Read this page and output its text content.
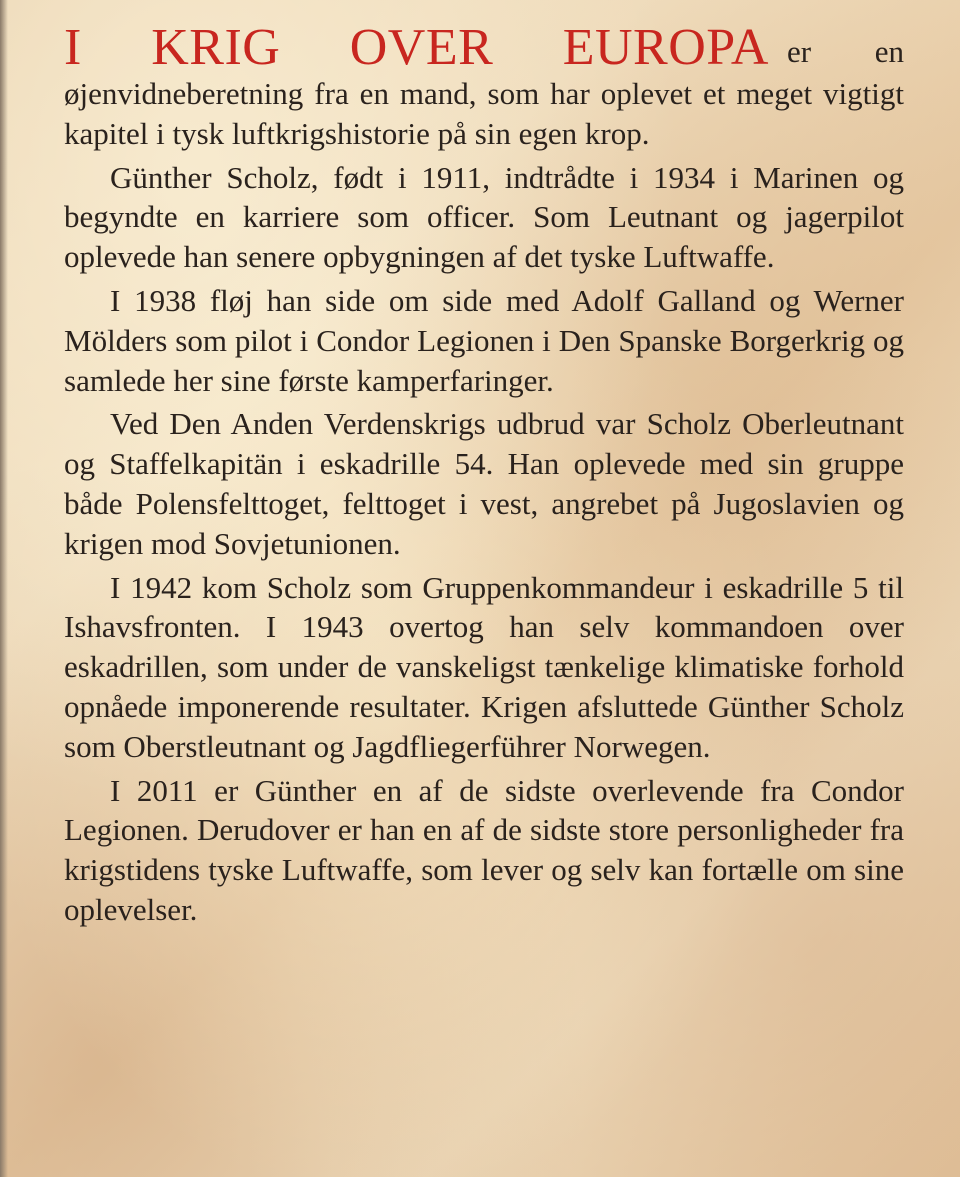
I KRIG OVER EUROPA er en øjenvidneberetning fra en mand, som har oplevet et meget vigtigt kapitel i tysk luftkrigshistorie på sin egen krop.

Günther Scholz, født i 1911, indtrådte i 1934 i Marinen og begyndte en karriere som officer. Som Leutnant og jagerpilot oplevede han senere opbygningen af det tyske Luftwaffe.

I 1938 fløj han side om side med Adolf Galland og Werner Mölders som pilot i Condor Legionen i Den Spanske Borgerkrig og samlede her sine første kamperfaringer.

Ved Den Anden Verdenskrigs udbrud var Scholz Oberleutnant og Staffelkapitän i eskadrille 54. Han oplevede med sin gruppe både Polensfelttoget, felttoget i vest, angrebet på Jugoslavien og krigen mod Sovjetunionen.

I 1942 kom Scholz som Gruppenkommandeur i eskadrille 5 til Ishavsfronten. I 1943 overtog han selv kommandoen over eskadrillen, som under de vanskeligst tænkelige klimatiske forhold opnåede imponerende resultater. Krigen afsluttede Günther Scholz som Oberstleutnant og Jagdfliegerführer Norwegen.

I 2011 er Günther en af de sidste overlevende fra Condor Legionen. Derudover er han en af de sidste store personligheder fra krigstidens tyske Luftwaffe, som lever og selv kan fortælle om sine oplevelser.
